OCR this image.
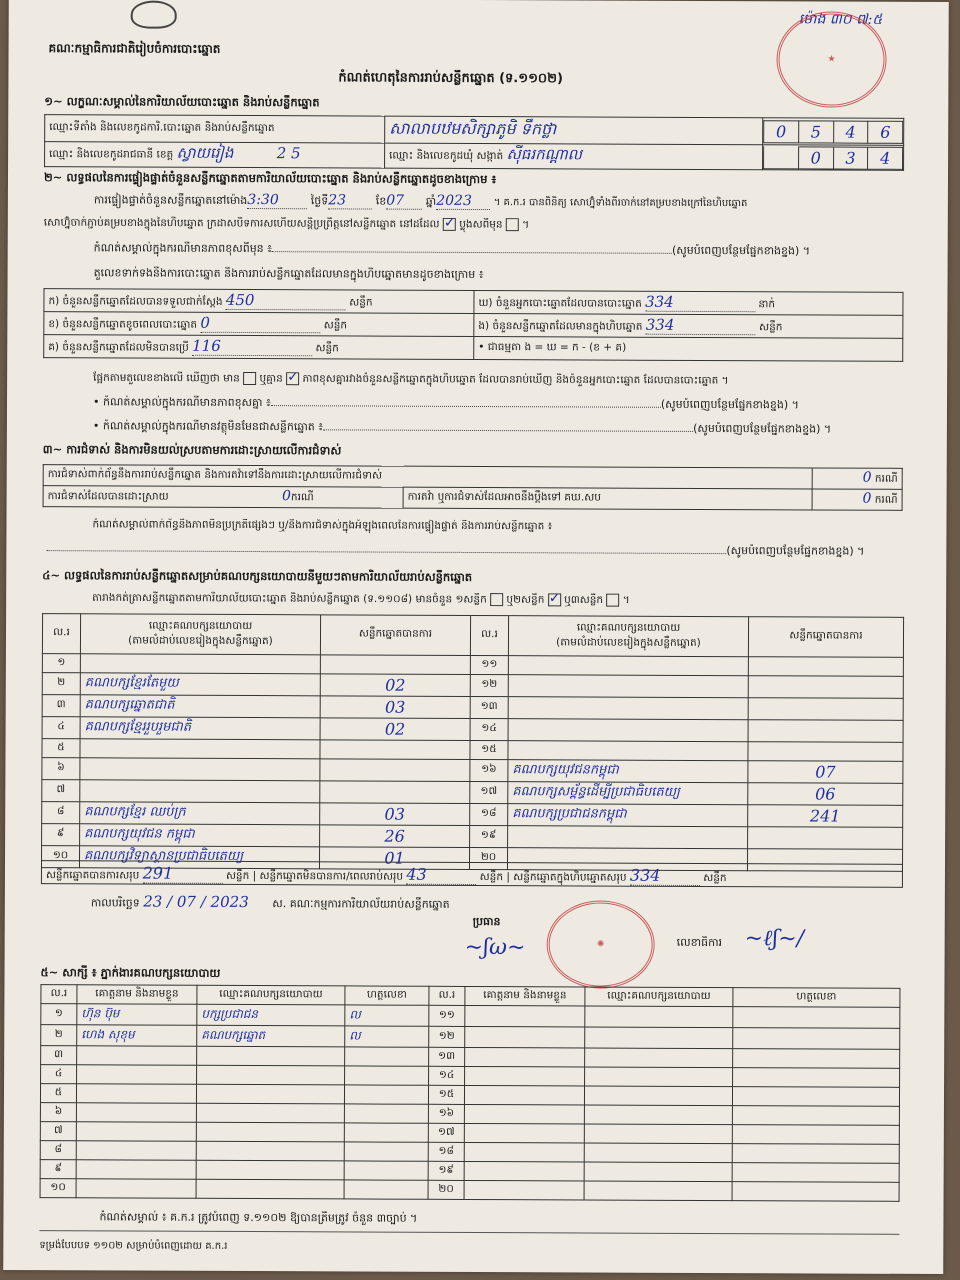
គណៈកម្មាធិការជាតិរៀបចំការបោះឆ្នោត
កំណត់ហេតុនៃការរាប់សន្លឹកឆ្នោត (ទ.១១០២)
ម៉ោង ៣០ ៧:៥
★
១~ លក្ខណៈសម្គាល់នៃការិយាល័យបោះឆ្នោត និងរាប់សន្លឹកឆ្នោត
ឈ្មោះទីតាំង និងលេខកូដការិ.បោះឆ្នោត និងរាប់សន្លឹកឆ្នោត	សាលាបឋមសិក្សាភូមិ ទឹកថ្លា		0	5	4	6

ឈ្មោះ និងលេខកូដរាជធានី ខេត្ត ស្វាយរៀង	2 5	ឈ្មោះ និងលេខកូដឃុំ សង្កាត់ ស៊ីធរកណ្ដាល	
		0	3	4
២~ លទ្ធផលនៃការផ្ទៀងផ្ទាត់ចំនួនសន្លឹកឆ្នោតតាមការិយាល័យបោះឆ្នោត និងរាប់សន្លឹកឆ្នោតដូចខាងក្រោម ៖
ការផ្ទៀងផ្ទាត់ចំនួនសន្លឹកឆ្នោតនៅម៉ោង3:30	ថ្ងៃទី23	ខែ07 ឆ្នាំ2023 ។ គ.ក.រ បានពិនិត្យ សោហ្វ៊ុំទាំងពីរចាក់នៅគម្របខាងក្រៅនៃហិបឆ្នោត
សោហ្វ៊ុំចាក់ភ្ជាប់គម្របខាងក្នុងនៃហិបឆ្នោត ក្រដាសបិទការសហើយសន្តិប្រព្រឹត្តនៅសន្លឹកឆ្នោត នៅដដែល ✓ ប្លុងសពីមុន  ។
កំណត់សម្គាល់ក្នុងករណីមានភាពខុសពីមុន ៖	(សូមបំពេញបន្ថែមផ្នែកខាងខ្នង) ។
តួលេខទាក់ទងនឹងការបោះឆ្នោត និងការរាប់សន្លឹកឆ្នោតដែលមានក្នុងហិបឆ្នោតមានដូចខាងក្រោម ៖
ក) ចំនួនសន្លឹកឆ្នោតដែលបានទទួលជាក់ស្ដែង 450 សន្លឹក	ឃ) ចំនួនអ្នកបោះឆ្នោតដែលបានបោះឆ្នោត 334 នាក់
ខ) ចំនួនសន្លឹកឆ្នោតខូចពេលបោះឆ្នោត 0 សន្លឹក	ង) ចំនួនសន្លឹកឆ្នោតដែលមានក្នុងហិបឆ្នោត 334 សន្លឹក
គ) ចំនួនសន្លឹកឆ្នោតដែលមិនបានប្រើ 116 សន្លឹក	• ជាធម្មតា ង = ឃ = ក - (ខ + គ)
ផ្អែកតាមតួលេខខាងលើ ឃើញថា មាន ឬគ្មាន ✓ ភាពខុសគ្នារវាងចំនួនសន្លឹកឆ្នោតក្នុងហិបឆ្នោត ដែលបានរាប់ឃើញ និងចំនួនអ្នកបោះឆ្នោត ដែលបានបោះឆ្នោត ។
• កំណត់សម្គាល់ក្នុងករណីមានភាពខុសគ្នា ៖	(សូមបំពេញបន្ថែមផ្នែកខាងខ្នង) ។
• កំណត់សម្គាល់ក្នុងករណីមានវត្ថុមិនមែនជាសន្លឹកឆ្នោត ៖	(សូមបំពេញបន្ថែមផ្នែកខាងខ្នង) ។
៣~ ការជំទាស់ និងការមិនយល់ស្របតាមការដោះស្រាយលើការជំទាស់
ការជំទាស់ពាក់ព័ន្ធនឹងការរាប់សន្លឹកឆ្នោត និងការតវ៉ាទៅនឹងការដោះស្រាយលើការជំទាស់		0 ករណី
ការជំទាស់ដែលបានដោះស្រាយ 0ករណី	ការតវ៉ា ឬការជំទាស់ដែលអាចនឹងប្ដឹងទៅ គឃ.សប	0 ករណី
កំណត់សម្គាល់ពាក់ព័ន្ធនឹងភាពមិនប្រក្រតីផ្សេងៗ ឬ/និងការជំទាស់ក្នុងអំឡុងពេលនៃការផ្ទៀងផ្ទាត់ និងការរាប់សន្លឹកឆ្នោត ៖
(សូមបំពេញបន្ថែមផ្នែកខាងខ្នង) ។
៤~ លទ្ធផលនៃការរាប់សន្លឹកឆ្នោតសម្រាប់គណបក្សនយោបាយនីមួយៗតាមការិយាល័យរាប់សន្លឹកឆ្នោត
តារាងកត់ត្រាសន្លឹកឆ្នោតតាមការិយាល័យបោះឆ្នោត និងរាប់សន្លឹកឆ្នោត (ទ.១១០៨) មានចំនួន ១សន្លឹក ឬ២សន្លឹក ✓ ឬ៣សន្លឹក  ។
ល.រ	ឈ្មោះគណបក្សនយោបាយ
(តាមលំដាប់លេខរៀងក្នុងសន្លឹកឆ្នោត)	សន្លឹកឆ្នោតបានការ	ល.រ	ឈ្មោះគណបក្សនយោបាយ
(តាមលំដាប់លេខរៀងក្នុងសន្លឹកឆ្នោត)	សន្លឹកឆ្នោតបានការ
១			១១		
២	គណបក្សខ្មែរតែមួយ	02	១២		
៣	គណបក្សឆ្នោតជាតិ	03	១៣		
៤	គណបក្សខ្មែររួបរួមជាតិ	02	១៤		
៥			១៥		
៦			១៦	គណបក្សយុវជនកម្ពុជា	07
៧			១៧	គណបក្សសម្ព័ន្ធដើម្បីប្រជាធិបតេយ្យ	06
៨	គណបក្សខ្មែរ ឈប់ក្រ	03	១៨	គណបក្សប្រជាជនកម្ពុជា	241
៩	គណបក្សយុវជន កម្ពុជា	26	១៩		
១០	គណបក្សវិទ្យាស្ថានប្រជាធិបតេយ្យ	01	២០		
សន្លឹកឆ្នោតបានការសរុប 291	សន្លឹក | សន្លឹកឆ្នោតមិនបានការ/ពេលរាប់សរុប 43	សន្លឹក | សន្លឹកឆ្នោតក្នុងហិបឆ្នោតសរុប 334	សន្លឹក
កាលបរិច្ឆេទ 23 / 07 / 2023 ស. គណៈកម្មការការិយាល័យរាប់សន្លឹកឆ្នោត
ប្រធាន
~ʃω~	✺	លេខាធិការ ~ℓʃ~/
៥~ សាក្សី ៖ ភ្នាក់ងារគណបក្សនយោបាយ
ល.រ	គោត្តនាម និងនាមខ្លួន	ឈ្មោះគណបក្សនយោបាយ	ហត្ថលេខា	ល.រ	គោត្តនាម និងនាមខ្លួន	ឈ្មោះគណបក្សនយោបាយ	ហត្ថលេខា
១	ហ៊ុន ប៊ុម	បក្សប្រជាជន	ល	១១			
២	ហេង សុខុម	គណបក្សឆ្នោត	ល	១២			
៣				១៣			
៤				១៤			
៥				១៥			
៦				១៦			
៧				១៧			
៨				១៨			
៩				១៩			
១០				២០			
កំណត់សម្គាល់ ៖ គ.ក.រ ត្រូវបំពេញ ទ.១១០២ ឱ្យបានត្រឹមត្រូវ ចំនួន ៣ច្បាប់ ។
ទម្រង់បែបបទ ១១០២ សម្រាប់បំពេញដោយ គ.ក.រ
